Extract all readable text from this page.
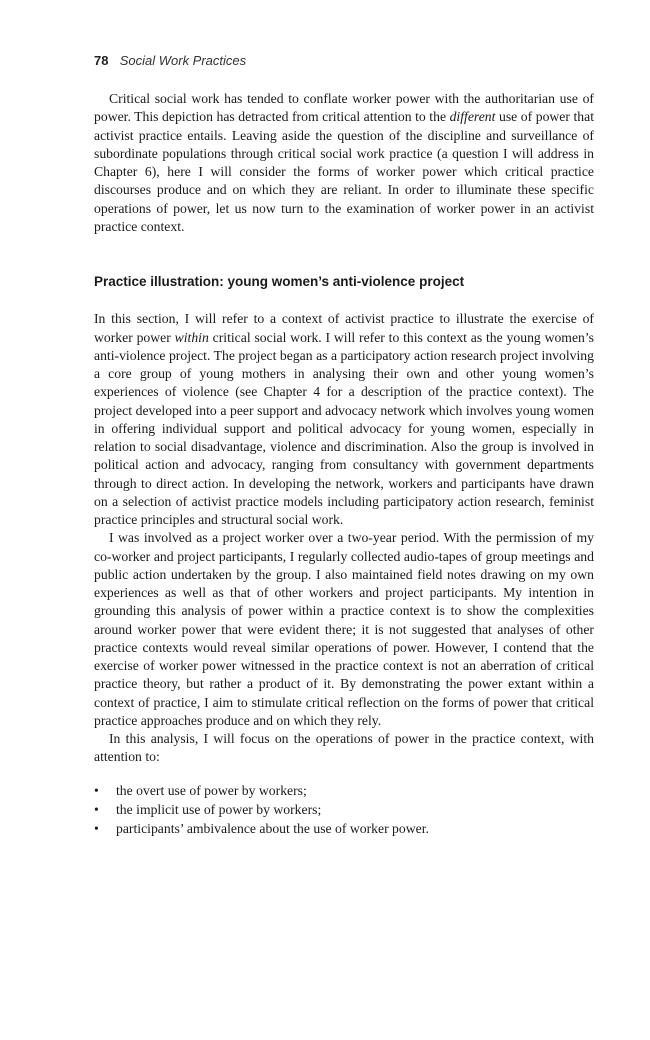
78 Social Work Practices

Critical social work has tended to conflate worker power with the authoritarian use of power. This depiction has detracted from critical attention to the different use of power that activist practice entails. Leaving aside the question of the discipline and surveillance of subordinate populations through critical social work practice (a question I will address in Chapter 6), here I will consider the forms of worker power which critical practice discourses produce and on which they are reliant. In order to illuminate these specific operations of power, let us now turn to the examination of worker power in an activist practice context.

Practice illustration: young women’s anti-violence project

In this section, I will refer to a context of activist practice to illustrate the exercise of worker power within critical social work. I will refer to this context as the young women’s anti-violence project. The project began as a participatory action research project involving a core group of young mothers in analysing their own and other young women’s experiences of violence (see Chapter 4 for a description of the practice context). The project developed into a peer support and advocacy network which involves young women in offering individual support and political advocacy for young women, especially in relation to social disadvantage, violence and discrimination. Also the group is involved in political action and advocacy, ranging from consultancy with government departments through to direct action. In developing the network, workers and participants have drawn on a selection of activist practice models including participatory action research, feminist practice principles and structural social work.

I was involved as a project worker over a two-year period. With the permission of my co-worker and project participants, I regularly collected audio-tapes of group meetings and public action undertaken by the group. I also maintained field notes drawing on my own experiences as well as that of other workers and project participants. My intention in grounding this analysis of power within a practice context is to show the complexities around worker power that were evident there; it is not suggested that analyses of other practice contexts would reveal similar operations of power. However, I contend that the exercise of worker power witnessed in the practice context is not an aberration of critical practice theory, but rather a product of it. By demonstrating the power extant within a context of practice, I aim to stimulate critical reflection on the forms of power that critical practice approaches produce and on which they rely.

In this analysis, I will focus on the operations of power in the practice context, with attention to:

• the overt use of power by workers;
• the implicit use of power by workers;
• participants’ ambivalence about the use of worker power.
